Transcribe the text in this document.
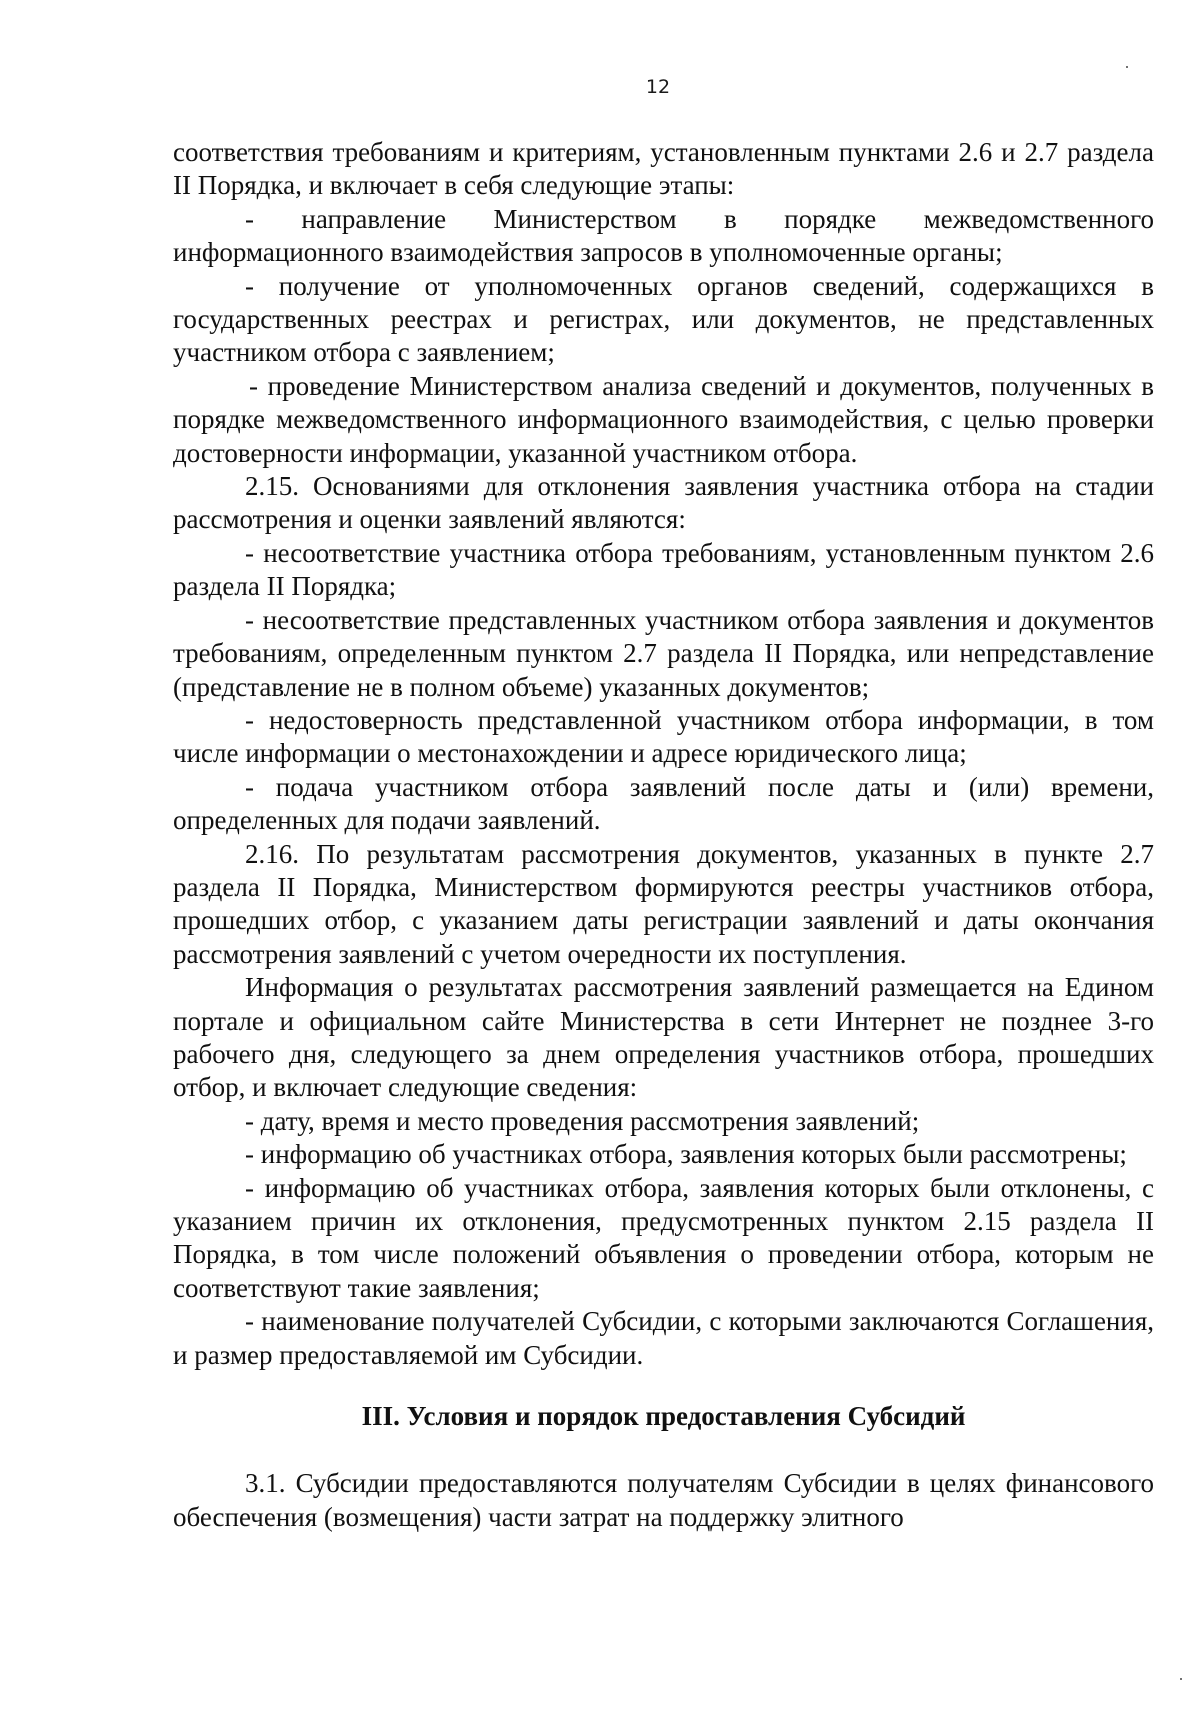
12

соответствия требованиям и критериям, установленным пунктами 2.6 и 2.7 раздела II Порядка, и включает в себя следующие этапы:

- направление Министерством в порядке межведомственного информационного взаимодействия запросов в уполномоченные органы;

- получение от уполномоченных органов сведений, содержащихся в государственных реестрах и регистрах, или документов, не представленных участником отбора с заявлением;

- проведение Министерством анализа сведений и документов, полученных в порядке межведомственного информационного взаимодействия, с целью проверки достоверности информации, указанной участником отбора.

2.15. Основаниями для отклонения заявления участника отбора на стадии рассмотрения и оценки заявлений являются:

- несоответствие участника отбора требованиям, установленным пунктом 2.6 раздела II Порядка;

- несоответствие представленных участником отбора заявления и документов требованиям, определенным пунктом 2.7 раздела II Порядка, или непредставление (представление не в полном объеме) указанных документов;

- недостоверность представленной участником отбора информации, в том числе информации о местонахождении и адресе юридического лица;

- подача участником отбора заявлений после даты и (или) времени, определенных для подачи заявлений.

2.16. По результатам рассмотрения документов, указанных в пункте 2.7 раздела II Порядка, Министерством формируются реестры участников отбора, прошедших отбор, с указанием даты регистрации заявлений и даты окончания рассмотрения заявлений с учетом очередности их поступления.

Информация о результатах рассмотрения заявлений размещается на Едином портале и официальном сайте Министерства в сети Интернет не позднее 3-го рабочего дня, следующего за днем определения участников отбора, прошедших отбор, и включает следующие сведения:

- дату, время и место проведения рассмотрения заявлений;

- информацию об участниках отбора, заявления которых были рассмотрены;

- информацию об участниках отбора, заявления которых были отклонены, с указанием причин их отклонения, предусмотренных пунктом 2.15 раздела II Порядка, в том числе положений объявления о проведении отбора, которым не соответствуют такие заявления;

- наименование получателей Субсидии, с которыми заключаются Соглашения, и размер предоставляемой им Субсидии.

III. Условия и порядок предоставления Субсидий

3.1. Субсидии предоставляются получателям Субсидии в целях финансового обеспечения (возмещения) части затрат на поддержку элитного
